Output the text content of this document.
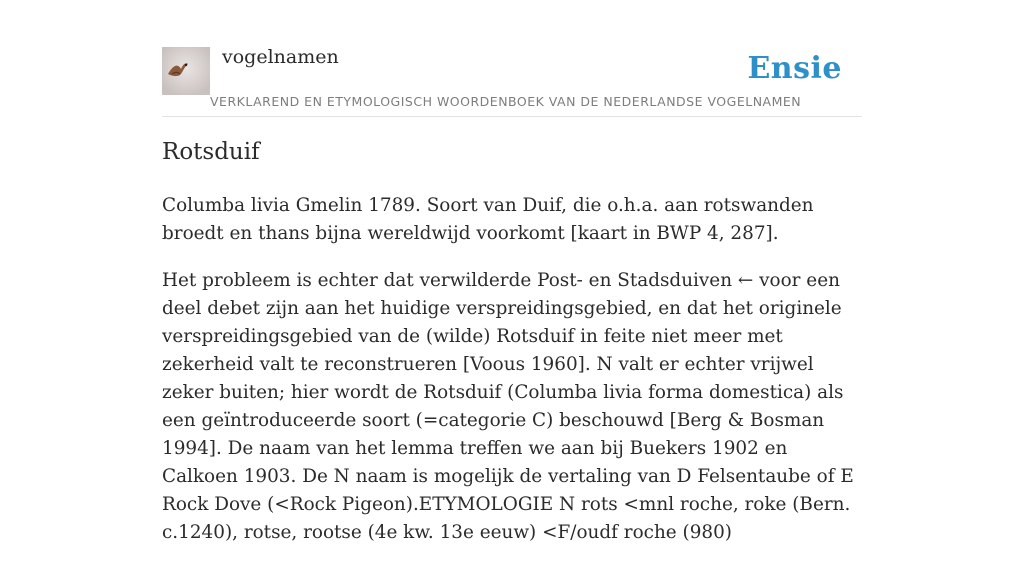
vogelnamen	Ensie
VERKLAREND EN ETYMOLOGISCH WOORDENBOEK VAN DE NEDERLANDSE VOGELNAMEN
Rotsduif

Columba livia Gmelin 1789. Soort van Duif, die o.h.a. aan rotswanden broedt en thans bijna wereldwijd voorkomt [kaart in BWP 4, 287].

Het probleem is echter dat verwilderde Post- en Stadsduiven ← voor een deel debet zijn aan het huidige verspreidingsgebied, en dat het originele verspreidingsgebied van de (wilde) Rotsduif in feite niet meer met zekerheid valt te reconstrueren [Voous 1960]. N valt er echter vrijwel zeker buiten; hier wordt de Rotsduif (Columba livia forma domestica) als een geïntroduceerde soort (=categorie C) beschouwd [Berg & Bosman 1994]. De naam van het lemma treffen we aan bij Buekers 1902 en Calkoen 1903. De N naam is mogelijk de vertaling van D Felsentaube of E Rock Dove (<Rock Pigeon).ETYMOLOGIE N rots <mnl roche, roke (Bern. c.1240), rotse, rootse (4e kw. 13e eeuw) <F/oudf roche (980)
